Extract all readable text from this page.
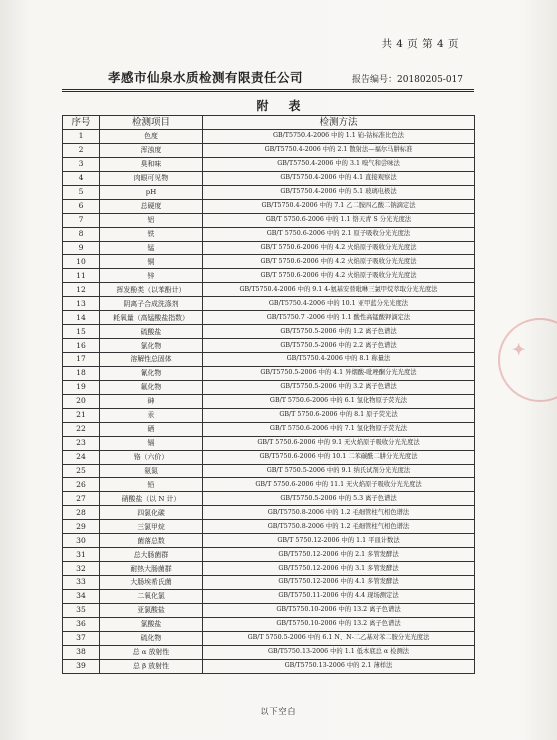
共 4 页 第 4 页
孝感市仙泉水质检测有限责任公司	报告编号：20180205-017
附表
序号	检测项目	检测方法
1	色度	GB/T5750.4-2006 中的 1.1 铂-钴标准比色法
2	浑浊度	GB/T5750.4-2006 中的 2.1 散射法—福尔马肼标准
3	臭和味	GB/T5750.4-2006 中的 3.1 嗅气和尝味法
4	肉眼可见物	GB/T5750.4-2006 中的 4.1 直接观察法
5	pH	GB/T5750.4-2006 中的 5.1 玻璃电极法
6	总硬度	GB/T5750.4-2006 中的 7.1 乙二胺四乙酸二钠滴定法
7	铝	GB/T 5750.6-2006 中的 1.1 铬天青 S 分光光度法
8	铁	GB/T 5750.6-2006 中的 2.1 原子吸收分光光度法
9	锰	GB/T 5750.6-2006 中的 4.2 火焰原子吸收分光光度法
10	铜	GB/T 5750.6-2006 中的 4.2 火焰原子吸收分光光度法
11	锌	GB/T 5750.6-2006 中的 4.2 火焰原子吸收分光光度法
12	挥发酚类（以苯酚计）	GB/T5750.4-2006 中的 9.1 4-氨基安替吡啉三氯甲烷萃取分光光度法
13	阴离子合成洗涤剂	GB/T5750.4-2006 中的 10.1 亚甲蓝分光光度法
14	耗氧量（高锰酸盐指数）	GB/T5750.7 -2006 中的 1.1 酸性高锰酸钾滴定法
15	硫酸盐	GB/T5750.5-2006 中的 1.2 离子色谱法
16	氯化物	GB/T5750.5-2006 中的 2.2 离子色谱法
17	溶解性总固体	GB/T5750.4-2006 中的 8.1 称量法
18	氰化物	GB/T5750.5-2006 中的 4.1 异烟酸-吡唑酮分光光度法
19	氟化物	GB/T5750.5-2006 中的 3.2 离子色谱法
20	砷	GB/T 5750.6-2006 中的 6.1 氢化物原子荧光法
21	汞	GB/T 5750.6-2006 中的 8.1 原子荧光法
22	硒	GB/T 5750.6-2006 中的 7.1 氢化物原子荧光法
23	镉	GB/T 5750.6-2006 中的 9.1 无火焰原子吸收分光光度法
24	铬（六价）	GB/T5750.6-2006 中的 10.1 二苯碳酰二肼分光光度法
25	氨氮	GB/T 5750.5-2006 中的 9.1 纳氏试剂分光光度法
26	铅	GB/T 5750.6-2006 中的 11.1 无火焰原子吸收分光光度法
27	硝酸盐（以 N 计）	GB/T5750.5-2006 中的 5.3 离子色谱法
28	四氯化碳	GB/T5750.8-2006 中的 1.2 毛细管柱气相色谱法
29	三氯甲烷	GB/T5750.8-2006 中的 1.2 毛细管柱气相色谱法
30	菌落总数	GB/T 5750.12-2006 中的 1.1 平皿计数法
31	总大肠菌群	GB/T5750.12-2006 中的 2.1 多管发酵法
32	耐热大肠菌群	GB/T5750.12-2006 中的 3.1 多管发酵法
33	大肠埃希氏菌	GB/T5750.12-2006 中的 4.1 多管发酵法
34	二氧化氯	GB/T5750.11-2006 中的 4.4 现场测定法
35	亚氯酸盐	GB/T5750.10-2006 中的 13.2 离子色谱法
36	氯酸盐	GB/T5750.10-2006 中的 13.2 离子色谱法
37	硫化物	GB/T 5750.5-2006 中的 6.1 N、N-二乙基对苯二胺分光光度法
38	总 α 放射性	GB/T5750.13-2006 中的 1.1 低本底总 α 检测法
39	总 β 放射性	GB/T5750.13-2006 中的 2.1 薄样法
以下空白
✦
